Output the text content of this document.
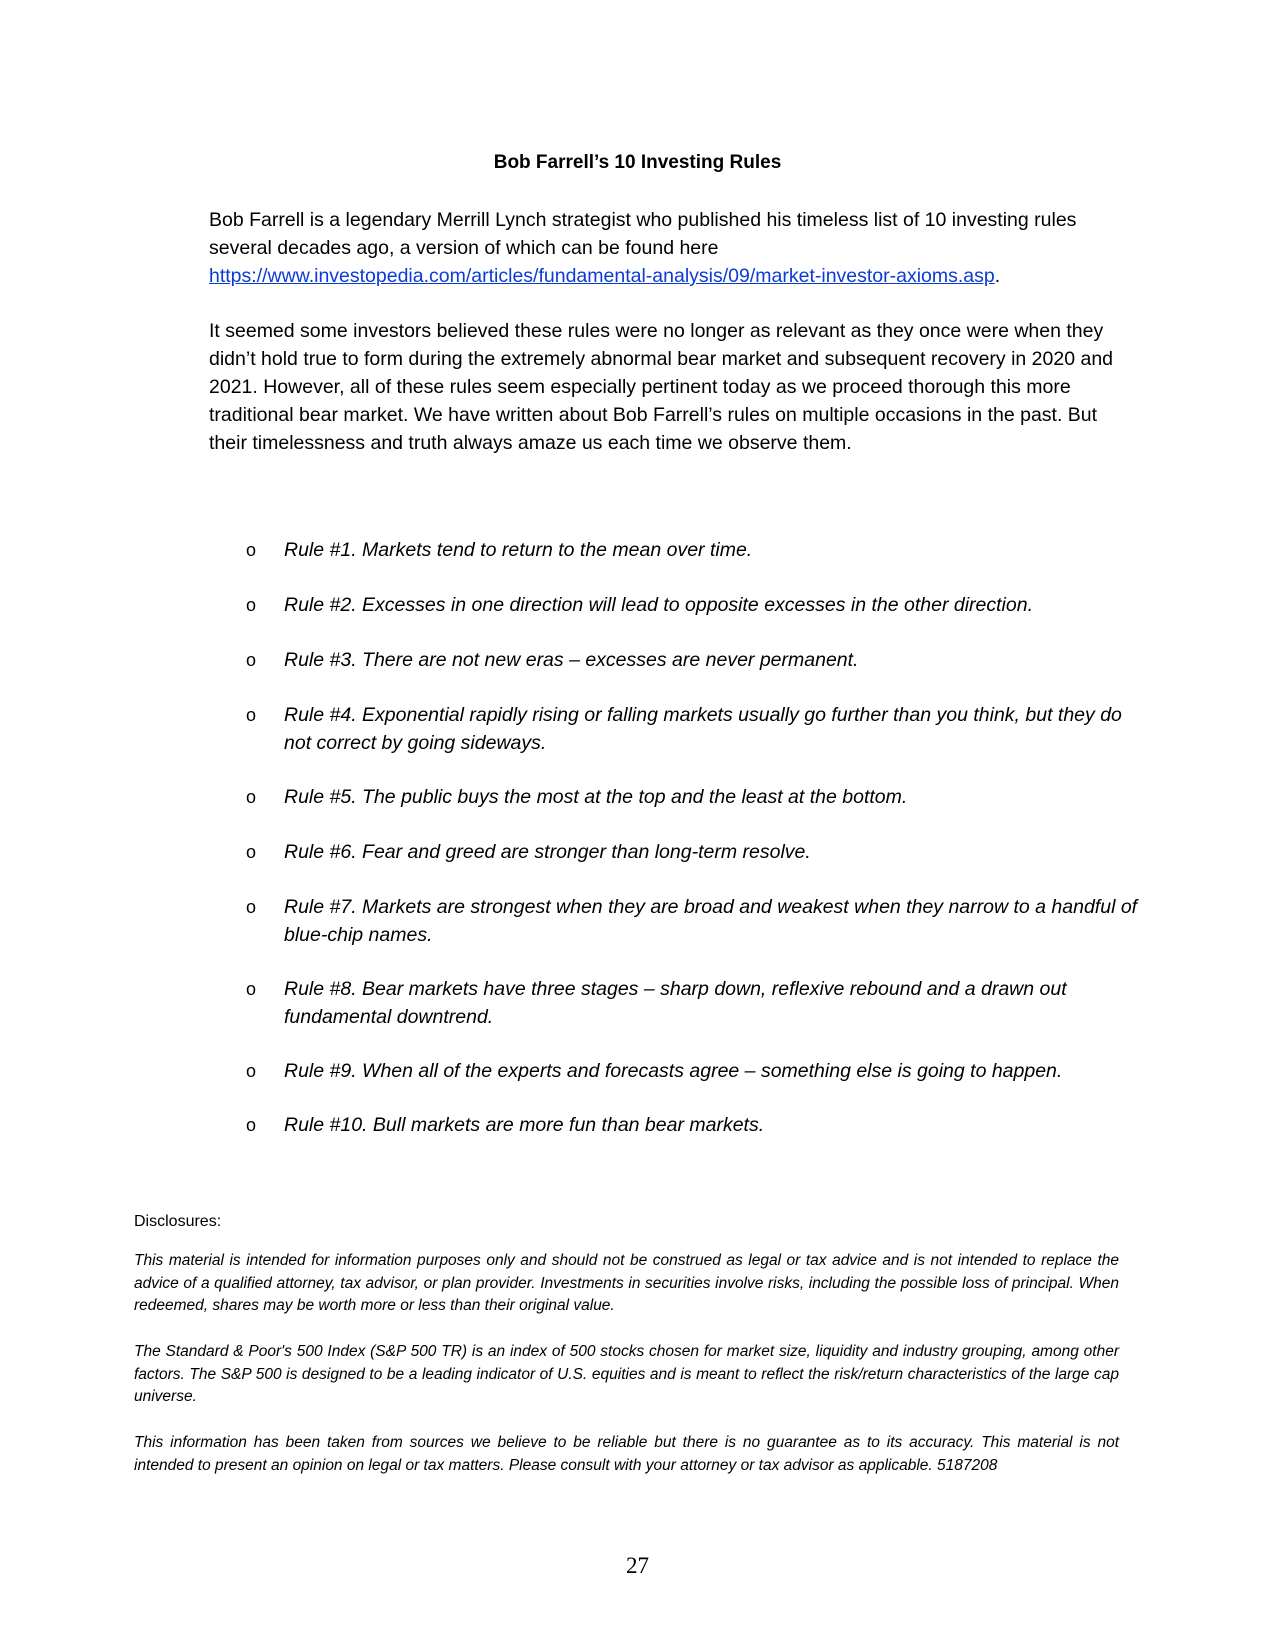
Bob Farrell’s 10 Investing Rules
Bob Farrell is a legendary Merrill Lynch strategist who published his timeless list of 10 investing rules several decades ago, a version of which can be found here https://www.investopedia.com/articles/fundamental-analysis/09/market-investor-axioms.asp.
It seemed some investors believed these rules were no longer as relevant as they once were when they didn’t hold true to form during the extremely abnormal bear market and subsequent recovery in 2020 and 2021. However, all of these rules seem especially pertinent today as we proceed thorough this more traditional bear market. We have written about Bob Farrell’s rules on multiple occasions in the past. But their timelessness and truth always amaze us each time we observe them.
o Rule #1. Markets tend to return to the mean over time.
o Rule #2. Excesses in one direction will lead to opposite excesses in the other direction.
o Rule #3. There are not new eras – excesses are never permanent.
o Rule #4. Exponential rapidly rising or falling markets usually go further than you think, but they do not correct by going sideways.
o Rule #5. The public buys the most at the top and the least at the bottom.
o Rule #6. Fear and greed are stronger than long-term resolve.
o Rule #7. Markets are strongest when they are broad and weakest when they narrow to a handful of blue-chip names.
o Rule #8. Bear markets have three stages – sharp down, reflexive rebound and a drawn out fundamental downtrend.
o Rule #9. When all of the experts and forecasts agree – something else is going to happen.
o Rule #10. Bull markets are more fun than bear markets.
Disclosures:
This material is intended for information purposes only and should not be construed as legal or tax advice and is not intended to replace the advice of a qualified attorney, tax advisor, or plan provider. Investments in securities involve risks, including the possible loss of principal. When redeemed, shares may be worth more or less than their original value.
The Standard & Poor's 500 Index (S&P 500 TR) is an index of 500 stocks chosen for market size, liquidity and industry grouping, among other factors. The S&P 500 is designed to be a leading indicator of U.S. equities and is meant to reflect the risk/return characteristics of the large cap universe.
This information has been taken from sources we believe to be reliable but there is no guarantee as to its accuracy. This material is not intended to present an opinion on legal or tax matters. Please consult with your attorney or tax advisor as applicable. 5187208
27
